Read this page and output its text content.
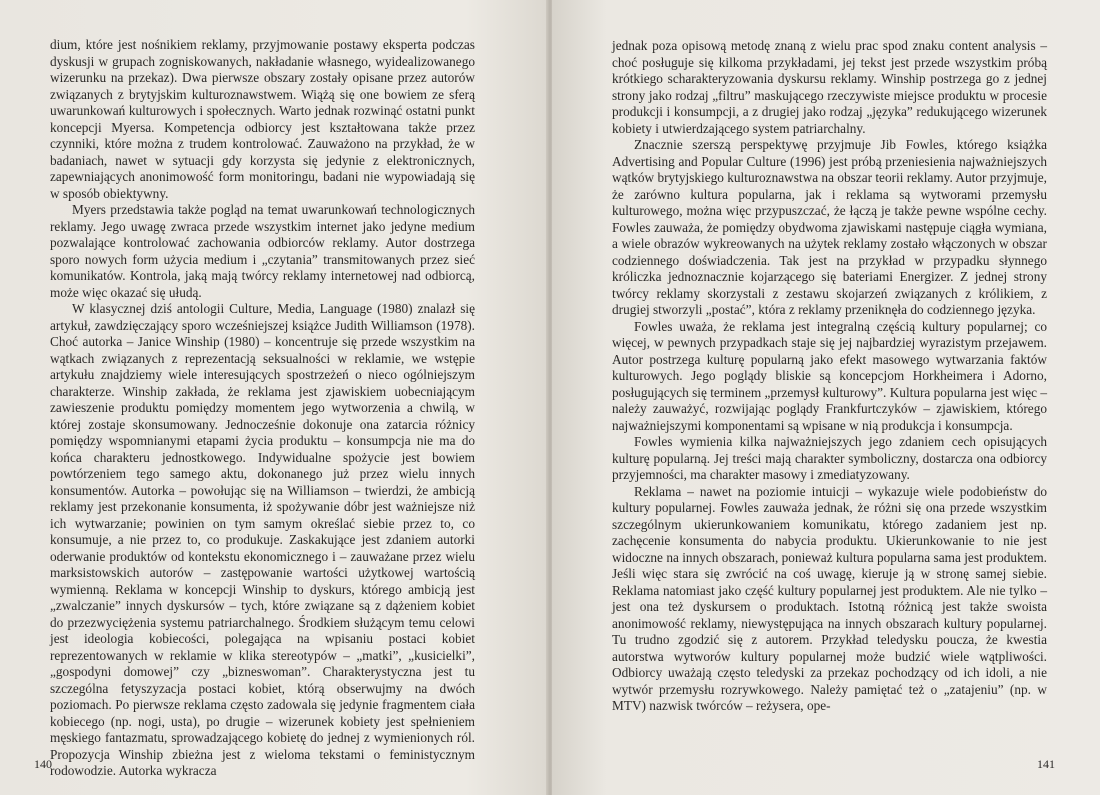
dium, które jest nośnikiem reklamy, przyjmowanie postawy eksperta podczas dyskusji w grupach zogniskowanych, nakładanie własnego, wyidealizowanego wizerunku na przekaz). Dwa pierwsze obszary zostały opisane przez autorów związanych z brytyjskim kulturoznawstwem. Wiążą się one bowiem ze sferą uwarunkowań kulturowych i społecznych. Warto jednak rozwinąć ostatni punkt koncepcji Myersa. Kompetencja odbiorcy jest kształtowana także przez czynniki, które można z trudem kontrolować. Zauważono na przykład, że w badaniach, nawet w sytuacji gdy korzysta się jedynie z elektronicznych, zapewniających anonimowość form monitoringu, badani nie wypowiadają się w sposób obiektywny.

Myers przedstawia także pogląd na temat uwarunkowań technologicznych reklamy. Jego uwagę zwraca przede wszystkim internet jako jedyne medium pozwalające kontrolować zachowania odbiorców reklamy. Autor dostrzega sporo nowych form użycia medium i „czytania” transmitowanych przez sieć komunikatów. Kontrola, jaką mają twórcy reklamy internetowej nad odbiorcą, może więc okazać się ułudą.

W klasycznej dziś antologii Culture, Media, Language (1980) znalazł się artykuł, zawdzięczający sporo wcześniejszej książce Judith Williamson (1978). Choć autorka – Janice Winship (1980) – koncentruje się przede wszystkim na wątkach związanych z reprezentacją seksualności w reklamie, we wstępie artykułu znajdziemy wiele interesujących spostrzeżeń o nieco ogólniejszym charakterze. Winship zakłada, że reklama jest zjawiskiem uobecniającym zawieszenie produktu pomiędzy momentem jego wytworzenia a chwilą, w której zostaje skonsumowany. Jednocześnie dokonuje ona zatarcia różnicy pomiędzy wspomnianymi etapami życia produktu – konsumpcja nie ma do końca charakteru jednostkowego. Indywidualne spożycie jest bowiem powtórzeniem tego samego aktu, dokonanego już przez wielu innych konsumentów. Autorka – powołując się na Williamson – twierdzi, że ambicją reklamy jest przekonanie konsumenta, iż spożywanie dóbr jest ważniejsze niż ich wytwarzanie; powinien on tym samym określać siebie przez to, co konsumuje, a nie przez to, co produkuje. Zaskakujące jest zdaniem autorki oderwanie produktów od kontekstu ekonomicznego i – zauważane przez wielu marksistowskich autorów – zastępowanie wartości użytkowej wartością wymienną. Reklama w koncepcji Winship to dyskurs, którego ambicją jest „zwalczanie” innych dyskursów – tych, które związane są z dążeniem kobiet do przezwyciężenia systemu patriarchalnego. Środkiem służącym temu celowi jest ideologia kobiecości, polegająca na wpisaniu postaci kobiet reprezentowanych w reklamie w klika stereotypów – „matki”, „kusicielki”, „gospodyni domowej” czy „bizneswoman”. Charakterystyczna jest tu szczególna fetyszyzacja postaci kobiet, którą obserwujmy na dwóch poziomach. Po pierwsze reklama często zadowala się jedynie fragmentem ciała kobiecego (np. nogi, usta), po drugie – wizerunek kobiety jest spełnieniem męskiego fantazmatu, sprowadzającego kobietę do jednej z wymienionych ról. Propozycja Winship zbieżna jest z wieloma tekstami o feministycznym rodowodzie. Autorka wykracza

140

jednak poza opisową metodę znaną z wielu prac spod znaku content analysis – choć posługuje się kilkoma przykładami, jej tekst jest przede wszystkim próbą krótkiego scharakteryzowania dyskursu reklamy. Winship postrzega go z jednej strony jako rodzaj „filtru” maskującego rzeczywiste miejsce produktu w procesie produkcji i konsumpcji, a z drugiej jako rodzaj „języka” redukującego wizerunek kobiety i utwierdzającego system patriarchalny.

Znacznie szerszą perspektywę przyjmuje Jib Fowles, którego książka Advertising and Popular Culture (1996) jest próbą przeniesienia najważniejszych wątków brytyjskiego kulturoznawstwa na obszar teorii reklamy. Autor przyjmuje, że zarówno kultura popularna, jak i reklama są wytworami przemysłu kulturowego, można więc przypuszczać, że łączą je także pewne wspólne cechy. Fowles zauważa, że pomiędzy obydwoma zjawiskami następuje ciągła wymiana, a wiele obrazów wykreowanych na użytek reklamy zostało włączonych w obszar codziennego doświadczenia. Tak jest na przykład w przypadku słynnego króliczka jednoznacznie kojarzącego się bateriami Energizer. Z jednej strony twórcy reklamy skorzystali z zestawu skojarzeń związanych z królikiem, z drugiej stworzyli „postać”, która z reklamy przeniknęła do codziennego języka.

Fowles uważa, że reklama jest integralną częścią kultury popularnej; co więcej, w pewnych przypadkach staje się jej najbardziej wyrazistym przejawem. Autor postrzega kulturę popularną jako efekt masowego wytwarzania faktów kulturowych. Jego poglądy bliskie są koncepcjom Horkheimera i Adorno, posługujących się terminem „przemysł kulturowy”. Kultura popularna jest więc – należy zauważyć, rozwijając poglądy Frankfurtczyków – zjawiskiem, którego najważniejszymi komponentami są wpisane w nią produkcja i konsumpcja.

Fowles wymienia kilka najważniejszych jego zdaniem cech opisujących kulturę popularną. Jej treści mają charakter symboliczny, dostarcza ona odbiorcy przyjemności, ma charakter masowy i zmediatyzowany.

Reklama – nawet na poziomie intuicji – wykazuje wiele podobieństw do kultury popularnej. Fowles zauważa jednak, że różni się ona przede wszystkim szczególnym ukierunkowaniem komunikatu, którego zadaniem jest np. zachęcenie konsumenta do nabycia produktu. Ukierunkowanie to nie jest widoczne na innych obszarach, ponieważ kultura popularna sama jest produktem. Jeśli więc stara się zwrócić na coś uwagę, kieruje ją w stronę samej siebie. Reklama natomiast jako część kultury popularnej jest produktem. Ale nie tylko – jest ona też dyskursem o produktach. Istotną różnicą jest także swoista anonimowość reklamy, niewystępująca na innych obszarach kultury popularnej. Tu trudno zgodzić się z autorem. Przykład teledysku poucza, że kwestia autorstwa wytworów kultury popularnej może budzić wiele wątpliwości. Odbiorcy uważają często teledyski za przekaz pochodzący od ich idoli, a nie wytwór przemysłu rozrywkowego. Należy pamiętać też o „zatajeniu” (np. w MTV) nazwisk twórców – reżysera, ope-

141
